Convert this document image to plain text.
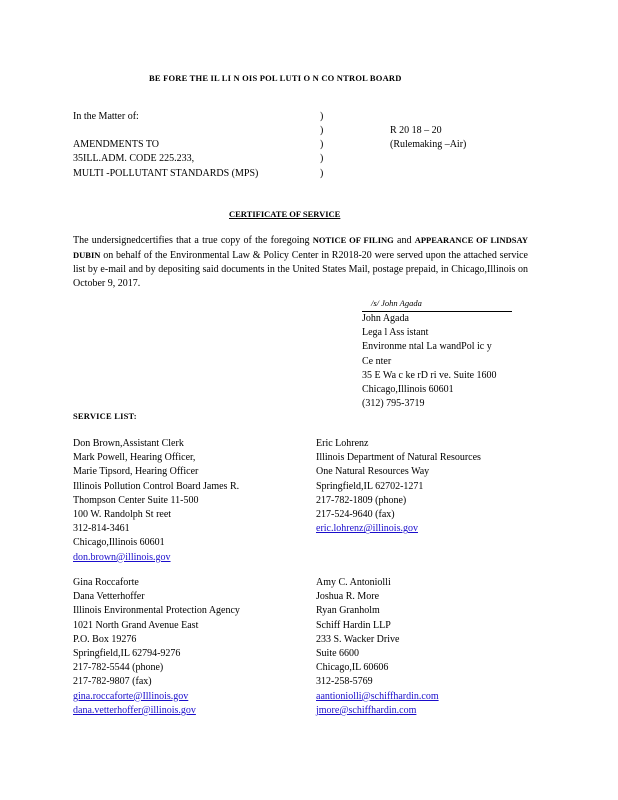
BE FORE THE IL LI N OIS POL LUTI O N CO NTROL BOARD
In the Matter of:
AMENDMENTS TO
35ILL.ADM. CODE 225.233,
MULTI -POLLUTANT STANDARDS (MPS)
)
)
)
)
)
R 20 18 – 20
(Rulemaking –Air)
CERTIFICATE OF SERVICE
The undersignedcertifies that a true copy of the foregoing NOTICE OF FILING and APPEARANCE OF LINDSAY DUBIN on behalf of the Environmental Law & Policy Center in R2018-20 were served upon the attached service list by e-mail and by depositing said documents in the United States Mail, postage prepaid, in Chicago,Illinois on October 9, 2017.
/s/ John Agada
John Agada
Lega l Ass istant
Environme ntal La wandPol ic y
Ce nter
35 E Wa c ke rD ri ve. Suite 1600
Chicago,Illinois 60601
(312) 795-3719
SERVICE LIST:
Don Brown,Assistant Clerk
Mark Powell, Hearing Officer,
Marie Tipsord, Hearing Officer
Illinois Pollution Control Board James R.
Thompson Center Suite 11-500
100 W. Randolph St reet
312-814-3461
Chicago,Illinois 60601
don.brown@illinois.gov
Eric Lohrenz
Illinois Department of Natural Resources
One Natural Resources Way
Springfield,IL 62702-1271
217-782-1809 (phone)
217-524-9640 (fax)
eric.lohrenz@illinois.gov
Gina Roccaforte
Dana Vetterhoffer
Illinois Environmental Protection Agency
1021 North Grand Avenue East
P.O. Box 19276
Springfield,IL 62794-9276
217-782-5544 (phone)
217-782-9807 (fax)
gina.roccaforte@Illinois.gov
dana.vetterhoffer@illinois.gov
Amy C. Antoniolli
Joshua R. More
Ryan Granholm
Schiff Hardin LLP
233 S. Wacker Drive
Suite 6600
Chicago,IL 60606
312-258-5769
aantioniolli@schiffhardin.com
jmore@schiffhardin.com
